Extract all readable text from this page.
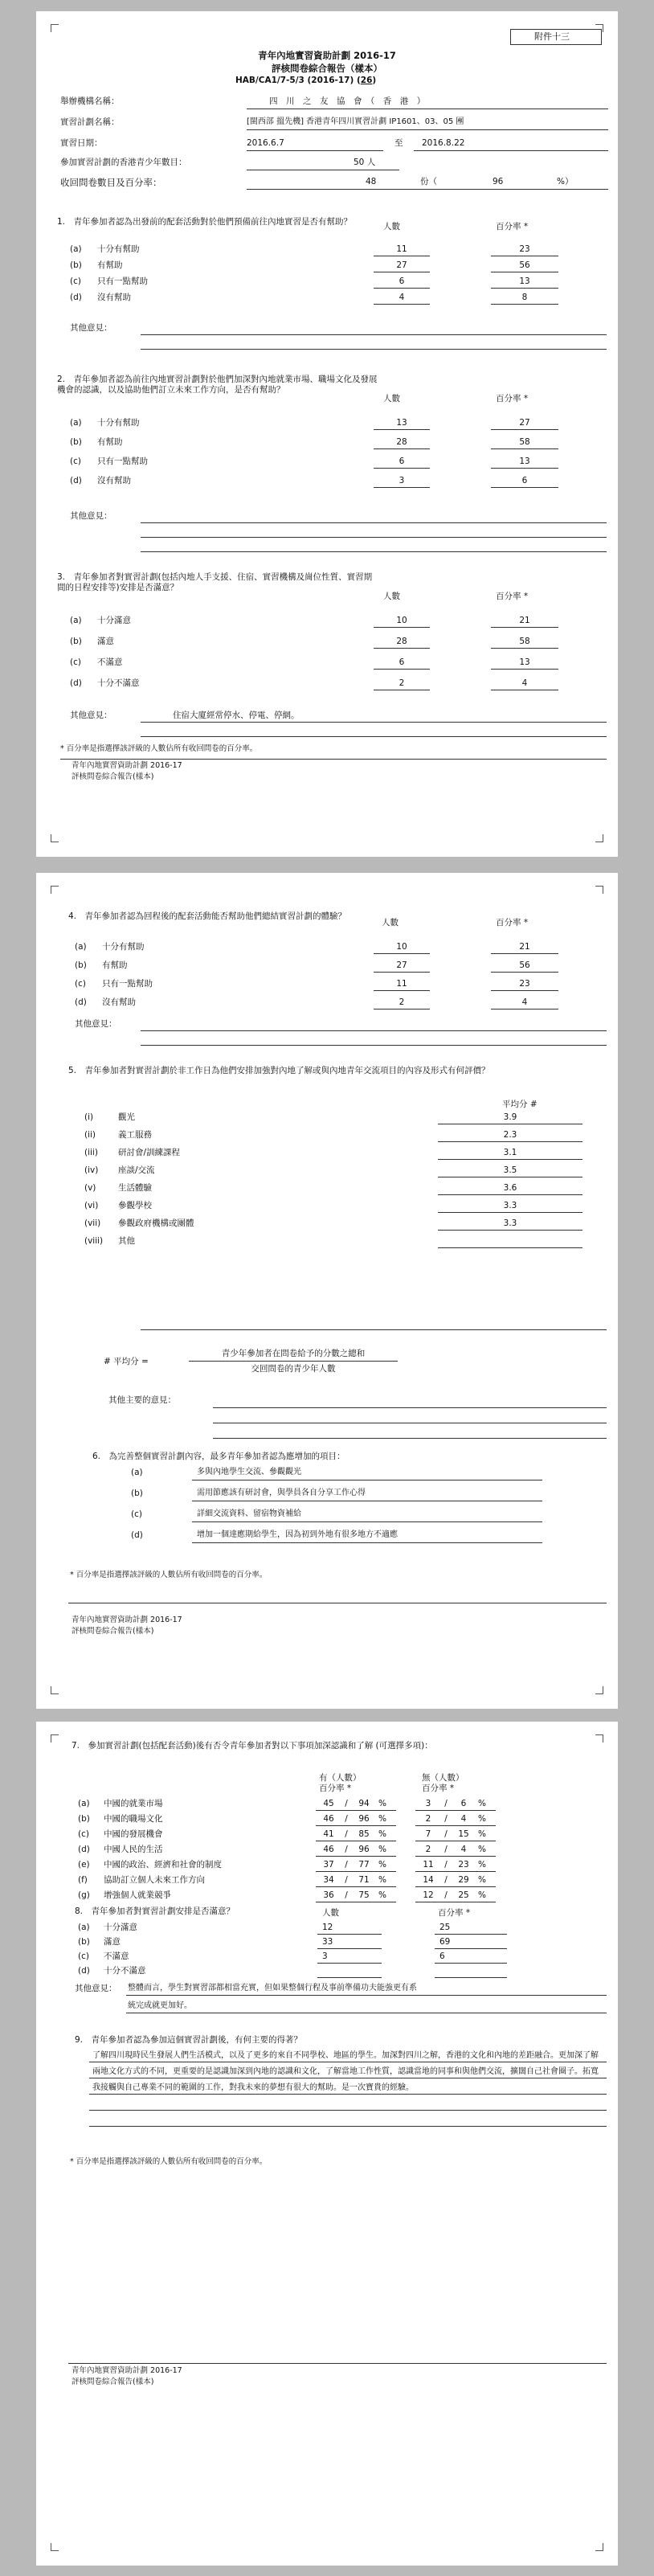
附件十三
青年內地實習資助計劃 2016-17
評核問卷綜合報告（樣本）
HAB/CA1/7-5/3 (2016-17) (26)
舉辦機構名稱：	四　川　之　友　協　會　（　香　港　）
實習計劃名稱：	[閩西部 搵先機] 香港青年四川實習計劃 IP1601、03、05 團
實習日期：	2016.6.7	至 2016.8.22
參加實習計劃的香港青少年數目：	50 人
收回問卷數目及百分率：	48	份（	96	%）
1.　青年參加者認為出發前的配套活動對於他們預備前往內地實習是否有幫助？	人數	百分率 *
(a) 十分有幫助	11	23
(b) 有幫助	27	56
(c) 只有一點幫助	6	13
(d) 沒有幫助	4	8
其他意見：
2.　青年參加者認為前往內地實習計劃對於他們加深對內地就業市場、職場文化及發展機會的認識，以及協助他們訂立未來工作方向，是否有幫助？
人數	百分率 *
(a) 十分有幫助	13	27
(b) 有幫助	28	58
(c) 只有一點幫助	6	13
(d) 沒有幫助	3	6
其他意見：
3.　青年參加者對實習計劃(包括內地人手支援、住宿、實習機構及崗位性質、實習期間的日程安排等)安排是否滿意？
人數	百分率 *
(a) 十分滿意	10	21
(b) 滿意	28	58
(c) 不滿意	6	13
(d) 十分不滿意	2	4
其他意見：	住宿大廈經常停水、停電、停網。
* 百分率是指選擇該評級的人數佔所有收回問卷的百分率。
青年內地實習資助計劃 2016-17
評核問卷綜合報告(樣本)
4.　青年參加者認為回程後的配套活動能否幫助他們總結實習計劃的體驗？
人數	百分率 *
(a) 十分有幫助	10	21
(b) 有幫助	27	56
(c) 只有一點幫助	11	23
(d) 沒有幫助	2	4
其他意見：
5.　青年參加者對實習計劃於非工作日為他們安排加強對內地了解或與內地青年交流項目的內容及形式有何評價？
平均分 #
(i)	觀光	3.9
(ii)	義工服務	2.3
(iii) 研討會/訓練課程	3.1
(iv) 座談/交流	3.5
(v)	生活體驗	3.6
(vi) 參觀學校	3.3
(vii) 參觀政府機構或團體	3.3
(viii) 其他
# 平均分 =
青少年參加者在問卷給予的分數之總和
交回問卷的青少年人數
其他主要的意見：
6.　為完善整個實習計劃內容，最多青年參加者認為應增加的項目：
(a)	多與內地學生交流、參觀觀光
(b)	需用節應該有研討會，與學員各自分享工作心得
(c)	詳細交流資料、留宿物資補給
(d)	增加一個達應期給學生，因為初到外地有很多地方不適應
* 百分率是指選擇該評級的人數佔所有收回問卷的百分率。
青年內地實習資助計劃 2016-17
評核問卷綜合報告(樣本)
7.　參加實習計劃(包括配套活動)後有否令青年參加者對以下事項加深認識和了解 (可選擇多項)：
有（人數）
百分率 *
無（人數）
百分率 *
(a) 中國的就業市場	45	/	94	%	3	/	6	%
(b) 中國的職場文化	46	/	96	%	2	/	4	%
(c) 中國的發展機會	41	/	85	%	7	/	15	%
(d) 中國人民的生活	46	/	96	%	2	/	4	%
(e) 中國的政治、經濟和社會的制度	37	/	77	%	11	/	23	%
(f) 協助訂立個人未來工作方向	34	/	71	%	14	/	29	%
(g) 增強個人就業競爭	36	/	75	%	12	/	25	%
8.　青年參加者對實習計劃安排是否滿意？	人數	百分率 *
(a) 十分滿意	12	25
(b) 滿意	33	69
(c) 不滿意	3	6
(d) 十分不滿意
其他意見： 整體而言，學生對實習部都相當充實，但如果整個行程及事前準備功夫能強更有系
統完成就更加好。
9.　青年參加者認為參加這個實習計劃後，有何主要的得著？
了解四川現時民生發展人們生活模式，以及了更多的來自不同學校、地區的學生。加深對四川之解，香港的文化和內地的差距融合。更加深了解兩地文化方式的不同，更重要的是認識加深到內地的認識和文化，了解當地工作性質，認識當地的同事和與他們交流，擴闊自己社會圈子。拓寬我接觸與自己專業不同的範圍的工作，對我未來的夢想有很大的幫助。是一次寶貴的經驗。
* 百分率是指選擇該評級的人數佔所有收回問卷的百分率。
青年內地實習資助計劃 2016-17
評核問卷綜合報告(樣本)
